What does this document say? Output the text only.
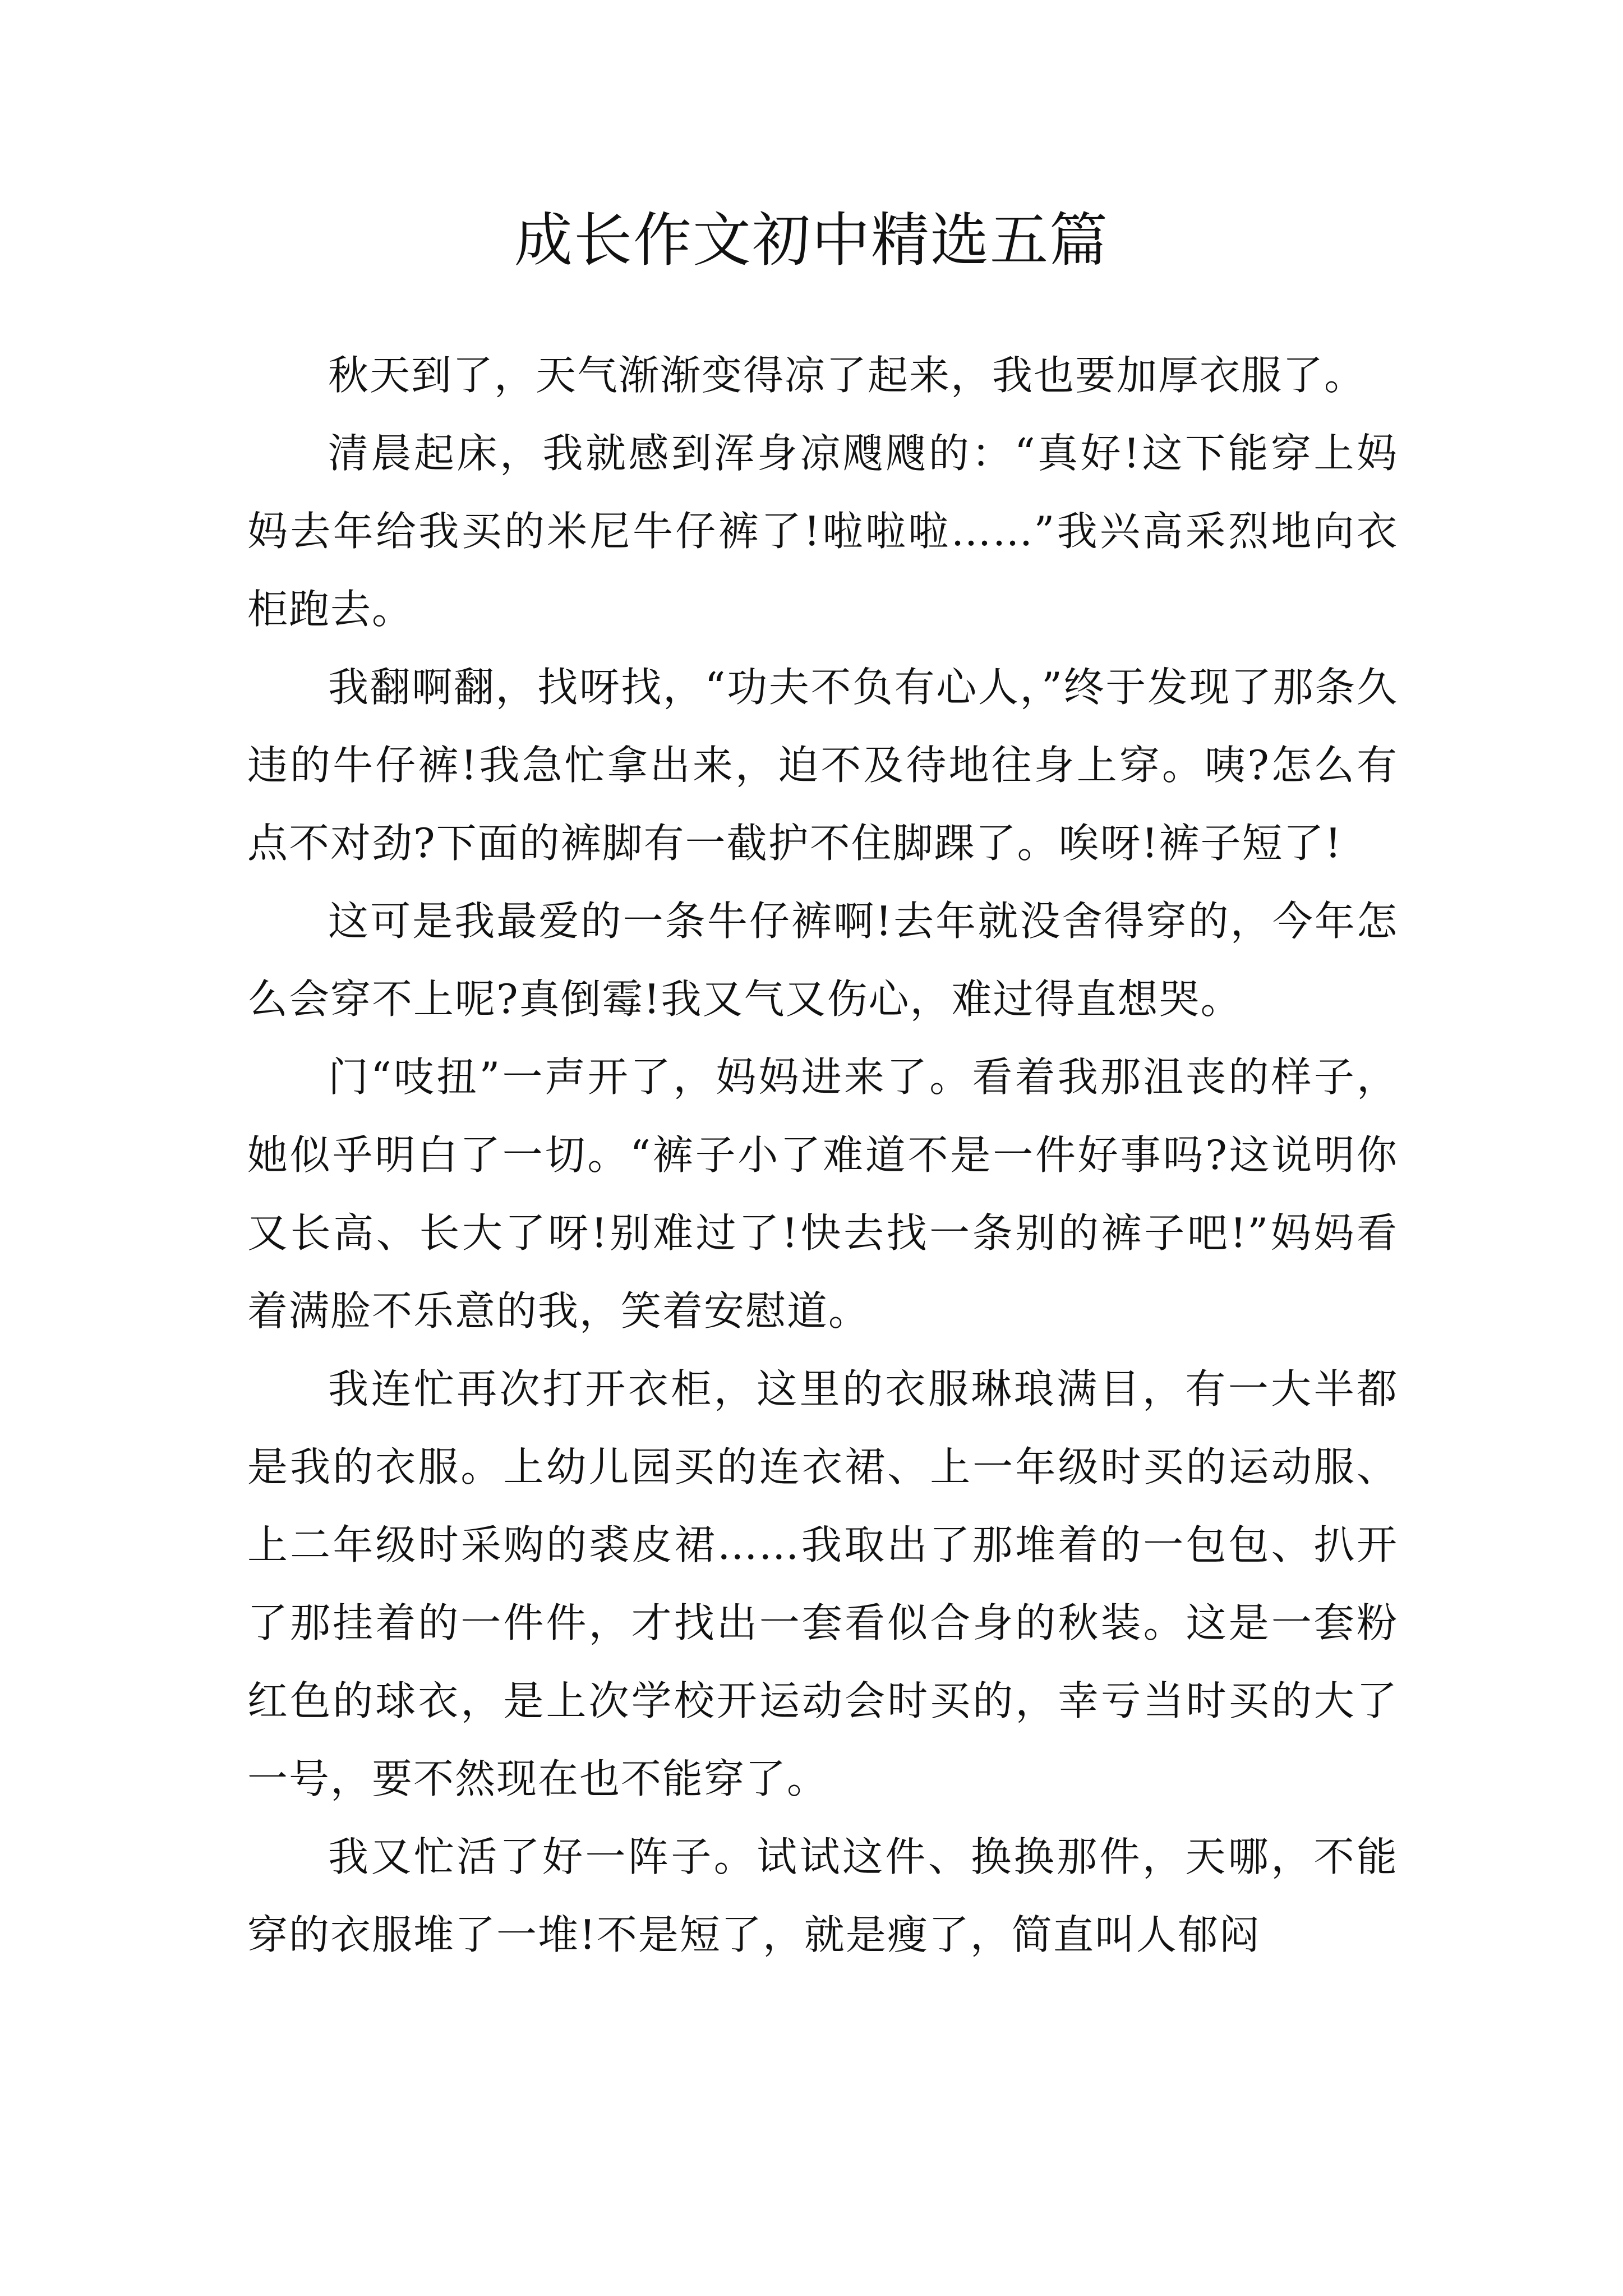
成长作文初中精选五篇

秋天到了，天气渐渐变得凉了起来，我也要加厚衣服了。

清晨起床，我就感到浑身凉飕飕的：“真好!这下能穿上妈妈去年给我买的米尼牛仔裤了!啦啦啦……”我兴高采烈地向衣柜跑去。

我翻啊翻，找呀找，“功夫不负有心人，”终于发现了那条久违的牛仔裤!我急忙拿出来，迫不及待地往身上穿。咦?怎么有点不对劲?下面的裤脚有一截护不住脚踝了。唉呀!裤子短了!

这可是我最爱的一条牛仔裤啊!去年就没舍得穿的，今年怎么会穿不上呢?真倒霉!我又气又伤心，难过得直想哭。

门“吱扭”一声开了，妈妈进来了。看着我那沮丧的样子，她似乎明白了一切。“裤子小了难道不是一件好事吗?这说明你又长高、长大了呀!别难过了!快去找一条别的裤子吧!”妈妈看着满脸不乐意的我，笑着安慰道。

我连忙再次打开衣柜，这里的衣服琳琅满目，有一大半都是我的衣服。上幼儿园买的连衣裙、上一年级时买的运动服、上二年级时采购的裘皮裙……我取出了那堆着的一包包、扒开了那挂着的一件件，才找出一套看似合身的秋装。这是一套粉红色的球衣，是上次学校开运动会时买的，幸亏当时买的大了一号，要不然现在也不能穿了。

我又忙活了好一阵子。试试这件、换换那件，天哪，不能穿的衣服堆了一堆!不是短了，就是瘦了，简直叫人郁闷
